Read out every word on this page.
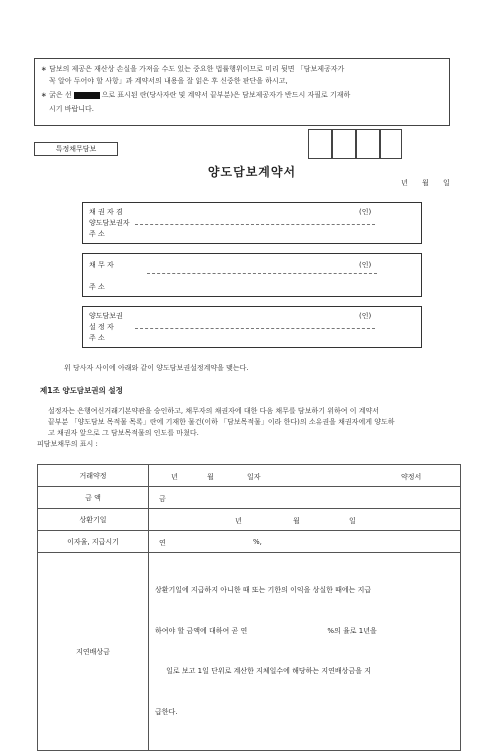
∗ 담보의 제공은 재산상 손실을 가져올 수도 있는 중요한 법률행위이므로 미리 뒷면 「담보제공자가

꼭 알아 두어야 할 사항」과 계약서의 내용을 잘 읽은 후 신중한 판단을 하시고,

∗ 굵은 선	으로 표시된 란(당사자란 및 계약서 끝부분)은 담보제공자가 반드시 자필로 기재하

시기 바랍니다.

특정채무담보
양도담보계약서
년 월 일
채 권 자 겸	(인)
양도담보권자
주 소
채 무 자	(인)
주 소
양도담보권	(인)
설 정 자
주 소
위 당사자 사이에 아래와 같이 양도담보권설정계약을 맺는다.
제1조 양도담보권의 설정
설정자는 은행여신거래기본약관을 승인하고, 채무자의 채권자에 대한 다음 채무를 담보하기 위하여 이 계약서
끝부분 「양도담보 목적물 목록」란에 기재한 물건(이하 「담보목적물」이라 한다)의 소유권을 채권자에게 양도하
고 채권자 앞으로 그 담보목적물의 인도를 마쳤다.
피담보채무의 표시 :
거래약정	년 월 일자 약정서

금 액	금

상환기일	년 월 일

이자율, 지급시기	연 %,

지연배상금	상환기일에 지급하지 아니한 때 또는 기한의 이익을 상실한 때에는 지급

하여야 할 금액에 대하여 곧 연                                    %의 율로 1년을

일로 보고 1일 단위로 계산한 지체일수에 해당하는 지연배상금을 지

급한다.
